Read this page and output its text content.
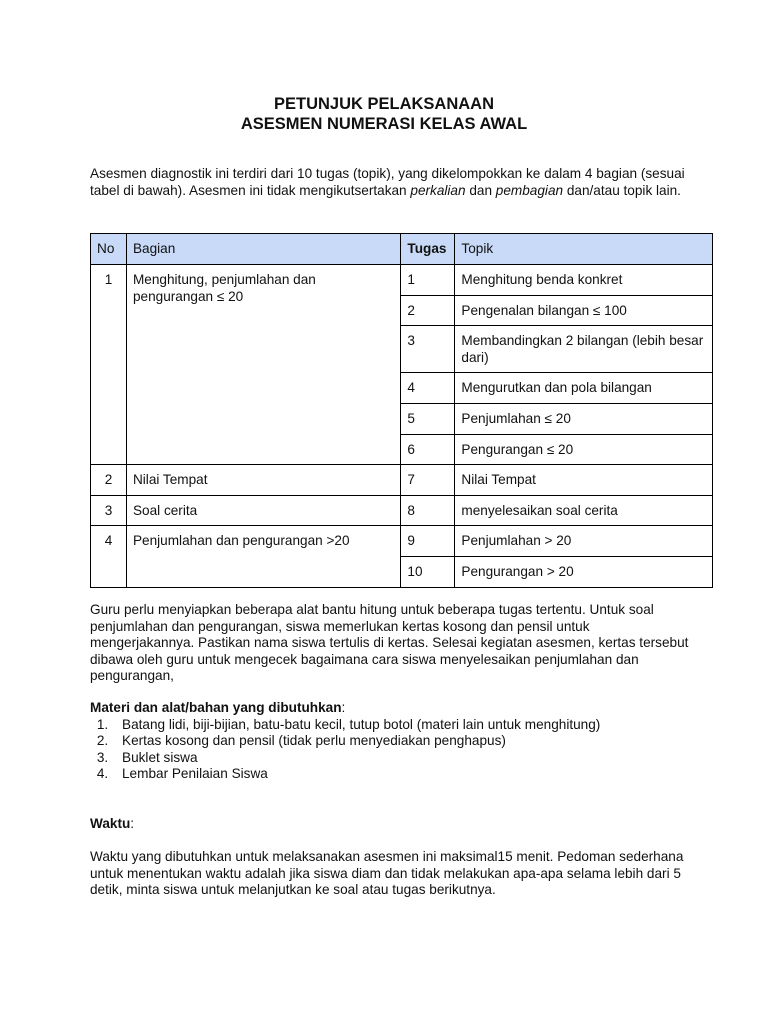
PETUNJUK PELAKSANAAN
ASESMEN NUMERASI KELAS AWAL

Asesmen diagnostik ini terdiri dari 10 tugas (topik), yang dikelompokkan ke dalam 4 bagian (sesuai tabel di bawah). Asesmen ini tidak mengikutsertakan perkalian dan pembagian dan/atau topik lain.

No	Bagian	Tugas	Topik
1	Menghitung, penjumlahan dan pengurangan ≤ 20	1	Menghitung benda konkret
		2	Pengenalan bilangan ≤ 100
		3	Membandingkan 2 bilangan (lebih besar dari)
		4	Mengurutkan dan pola bilangan
		5	Penjumlahan ≤ 20
		6	Pengurangan ≤ 20
2	Nilai Tempat	7	Nilai Tempat
3	Soal cerita	8	menyelesaikan soal cerita
4	Penjumlahan dan pengurangan >20	9	Penjumlahan > 20
		10	Pengurangan > 20

Guru perlu menyiapkan beberapa alat bantu hitung untuk beberapa tugas tertentu. Untuk soal penjumlahan dan pengurangan, siswa memerlukan kertas kosong dan pensil untuk mengerjakannya. Pastikan nama siswa tertulis di kertas. Selesai kegiatan asesmen, kertas tersebut dibawa oleh guru untuk mengecek bagaimana cara siswa menyelesaikan penjumlahan dan pengurangan,

Materi dan alat/bahan yang dibutuhkan:
1. Batang lidi, biji-bijian, batu-batu kecil, tutup botol (materi lain untuk menghitung)
2. Kertas kosong dan pensil (tidak perlu menyediakan penghapus)
3. Buklet siswa
4. Lembar Penilaian Siswa
Waktu:

Waktu yang dibutuhkan untuk melaksanakan asesmen ini maksimal15 menit. Pedoman sederhana untuk menentukan waktu adalah jika siswa diam dan tidak melakukan apa-apa selama lebih dari 5 detik, minta siswa untuk melanjutkan ke soal atau tugas berikutnya.
